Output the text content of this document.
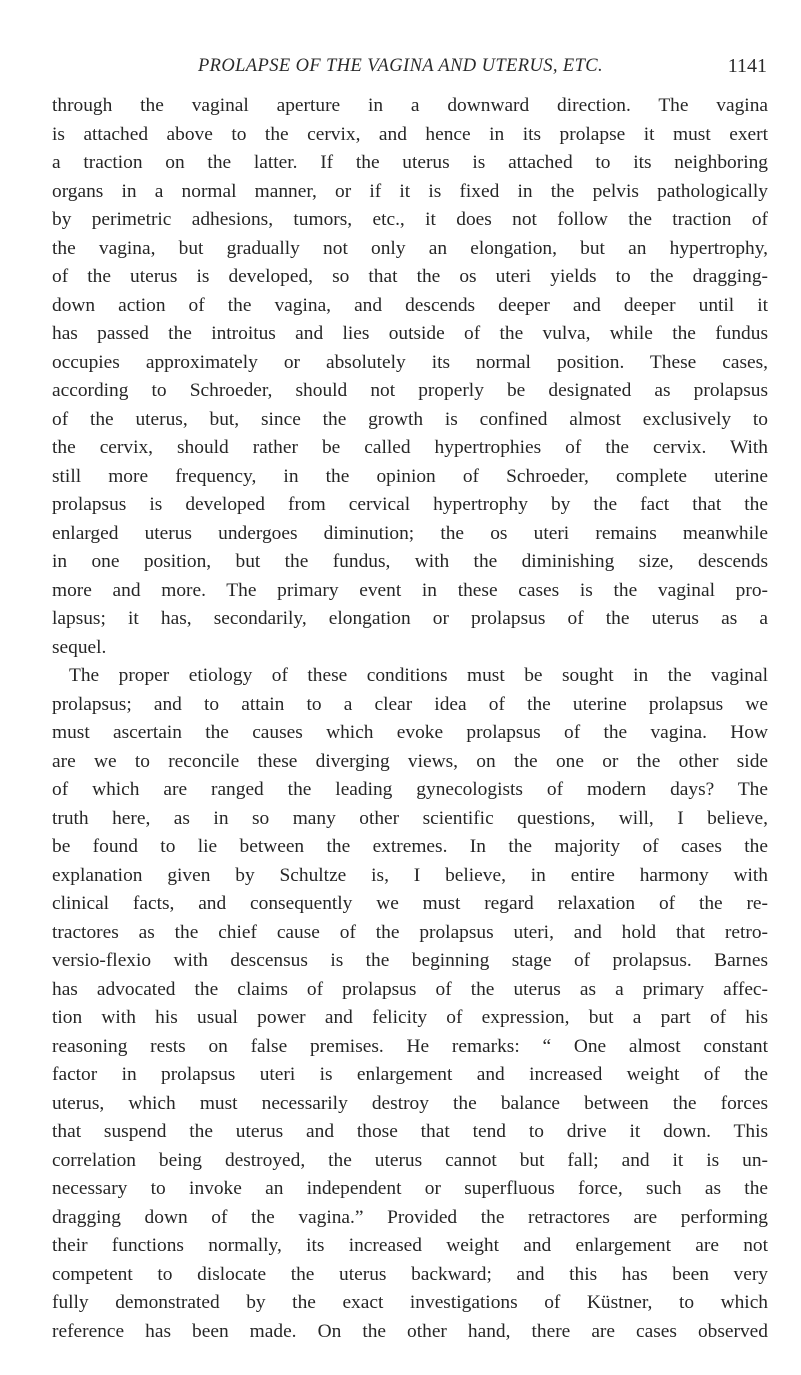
PROLAPSE OF THE VAGINA AND UTERUS, ETC.	1141
through the vaginal aperture in a downward direction. The vagina
is attached above to the cervix, and hence in its prolapse it must exert
a traction on the latter. If the uterus is attached to its neighboring
organs in a normal manner, or if it is fixed in the pelvis pathologically
by perimetric adhesions, tumors, etc., it does not follow the traction of
the vagina, but gradually not only an elongation, but an hypertrophy,
of the uterus is developed, so that the os uteri yields to the dragging-
down action of the vagina, and descends deeper and deeper until it
has passed the introitus and lies outside of the vulva, while the fundus
occupies approximately or absolutely its normal position. These cases,
according to Schroeder, should not properly be designated as prolapsus
of the uterus, but, since the growth is confined almost exclusively to
the cervix, should rather be called hypertrophies of the cervix. With
still more frequency, in the opinion of Schroeder, complete uterine
prolapsus is developed from cervical hypertrophy by the fact that the
enlarged uterus undergoes diminution; the os uteri remains meanwhile
in one position, but the fundus, with the diminishing size, descends
more and more. The primary event in these cases is the vaginal pro-
lapsus; it has, secondarily, elongation or prolapsus of the uterus as a
sequel.
The proper etiology of these conditions must be sought in the vaginal
prolapsus; and to attain to a clear idea of the uterine prolapsus we
must ascertain the causes which evoke prolapsus of the vagina. How
are we to reconcile these diverging views, on the one or the other side
of which are ranged the leading gynecologists of modern days? The
truth here, as in so many other scientific questions, will, I believe,
be found to lie between the extremes. In the majority of cases the
explanation given by Schultze is, I believe, in entire harmony with
clinical facts, and consequently we must regard relaxation of the re-
tractores as the chief cause of the prolapsus uteri, and hold that retro-
versio-flexio with descensus is the beginning stage of prolapsus. Barnes
has advocated the claims of prolapsus of the uterus as a primary affec-
tion with his usual power and felicity of expression, but a part of his
reasoning rests on false premises. He remarks: “ One almost constant
factor in prolapsus uteri is enlargement and increased weight of the
uterus, which must necessarily destroy the balance between the forces
that suspend the uterus and those that tend to drive it down. This
correlation being destroyed, the uterus cannot but fall; and it is un-
necessary to invoke an independent or superfluous force, such as the
dragging down of the vagina.” Provided the retractores are performing
their functions normally, its increased weight and enlargement are not
competent to dislocate the uterus backward; and this has been very
fully demonstrated by the exact investigations of Küstner, to which
reference has been made. On the other hand, there are cases observed
